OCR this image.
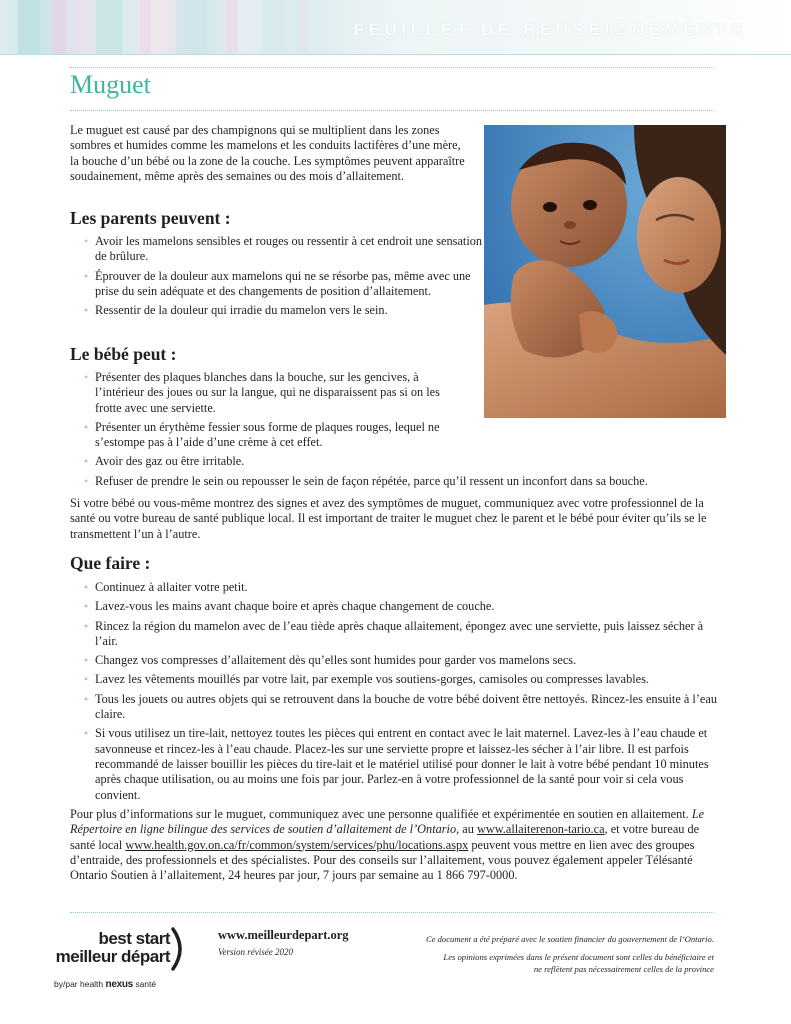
FEUILLET DE RENSEIGNEMENTS
Muguet

Le muguet est causé par des champignons qui se multiplient dans les zones sombres et humides comme les mamelons et les conduits lactifères d’une mère, la bouche d’un bébé ou la zone de la couche. Les symptômes peuvent apparaître soudainement, même après des semaines ou des mois d’allaitement.

Les parents peuvent :
• Avoir les mamelons sensibles et rouges ou ressentir à cet endroit une sensation de brûlure.
• Éprouver de la douleur aux mamelons qui ne se résorbe pas, même avec une prise du sein adéquate et des changements de position d’allaitement.
• Ressentir de la douleur qui irradie du mamelon vers le sein.
Le bébé peut :
• Présenter des plaques blanches dans la bouche, sur les gencives, à l’intérieur des joues ou sur la langue, qui ne disparaissent pas si on les frotte avec une serviette.
• Présenter un érythème fessier sous forme de plaques rouges, lequel ne s’estompe pas à l’aide d’une crème à cet effet.
• Avoir des gaz ou être irritable.
• Refuser de prendre le sein ou repousser le sein de façon répétée, parce qu’il ressent un inconfort dans sa bouche.

Si votre bébé ou vous-même montrez des signes et avez des symptômes de muguet, communiquez avec votre professionnel de la santé ou votre bureau de santé publique local. Il est important de traiter le muguet chez le parent et le bébé pour éviter qu’ils se le transmettent l’un à l’autre.

Que faire :
• Continuez à allaiter votre petit.
• Lavez-vous les mains avant chaque boire et après chaque changement de couche.
• Rincez la région du mamelon avec de l’eau tiède après chaque allaitement, épongez avec une serviette, puis laissez sécher à l’air.
• Changez vos compresses d’allaitement dès qu’elles sont humides pour garder vos mamelons secs.
• Lavez les vêtements mouillés par votre lait, par exemple vos soutiens-gorges, camisoles ou compresses lavables.
• Tous les jouets ou autres objets qui se retrouvent dans la bouche de votre bébé doivent être nettoyés. Rincez-les ensuite à l’eau claire.
• Si vous utilisez un tire-lait, nettoyez toutes les pièces qui entrent en contact avec le lait maternel. Lavez-les à l’eau chaude et savonneuse et rincez-les à l’eau chaude. Placez-les sur une serviette propre et laissez-les sécher à l’air libre. Il est parfois recommandé de laisser bouillir les pièces du tire-lait et le matériel utilisé pour donner le lait à votre bébé pendant 10 minutes après chaque utilisation, ou au moins une fois par jour. Parlez-en à votre professionnel de la santé pour voir si cela vous convient.

Pour plus d’informations sur le muguet, communiquez avec une personne qualifiée et expérimentée en soutien en allaitement. Le Répertoire en ligne bilingue des services de soutien d’allaitement de l’Ontario, au www.allaiterenon-tario.ca, et votre bureau de santé local www.health.gov.on.ca/fr/common/system/services/phu/locations.aspx peuvent vous mettre en lien avec des groupes d’entraide, des professionnels et des spécialistes. Pour des conseils sur l’allaitement, vous pouvez également appeler Télésanté Ontario Soutien à l’allaitement, 24 heures par jour, 7 jours par semaine au 1 866 797-0000.

best start
meilleur départ
by/par health nexus santé
www.meilleurdepart.org
Version révisée 2020
Ce document a été préparé avec le soutien financier du gouvernement de l’Ontario.
Les opinions exprimées dans le présent document sont celles du bénéficiaire et
ne reflètent pas nécessairement celles de la province
